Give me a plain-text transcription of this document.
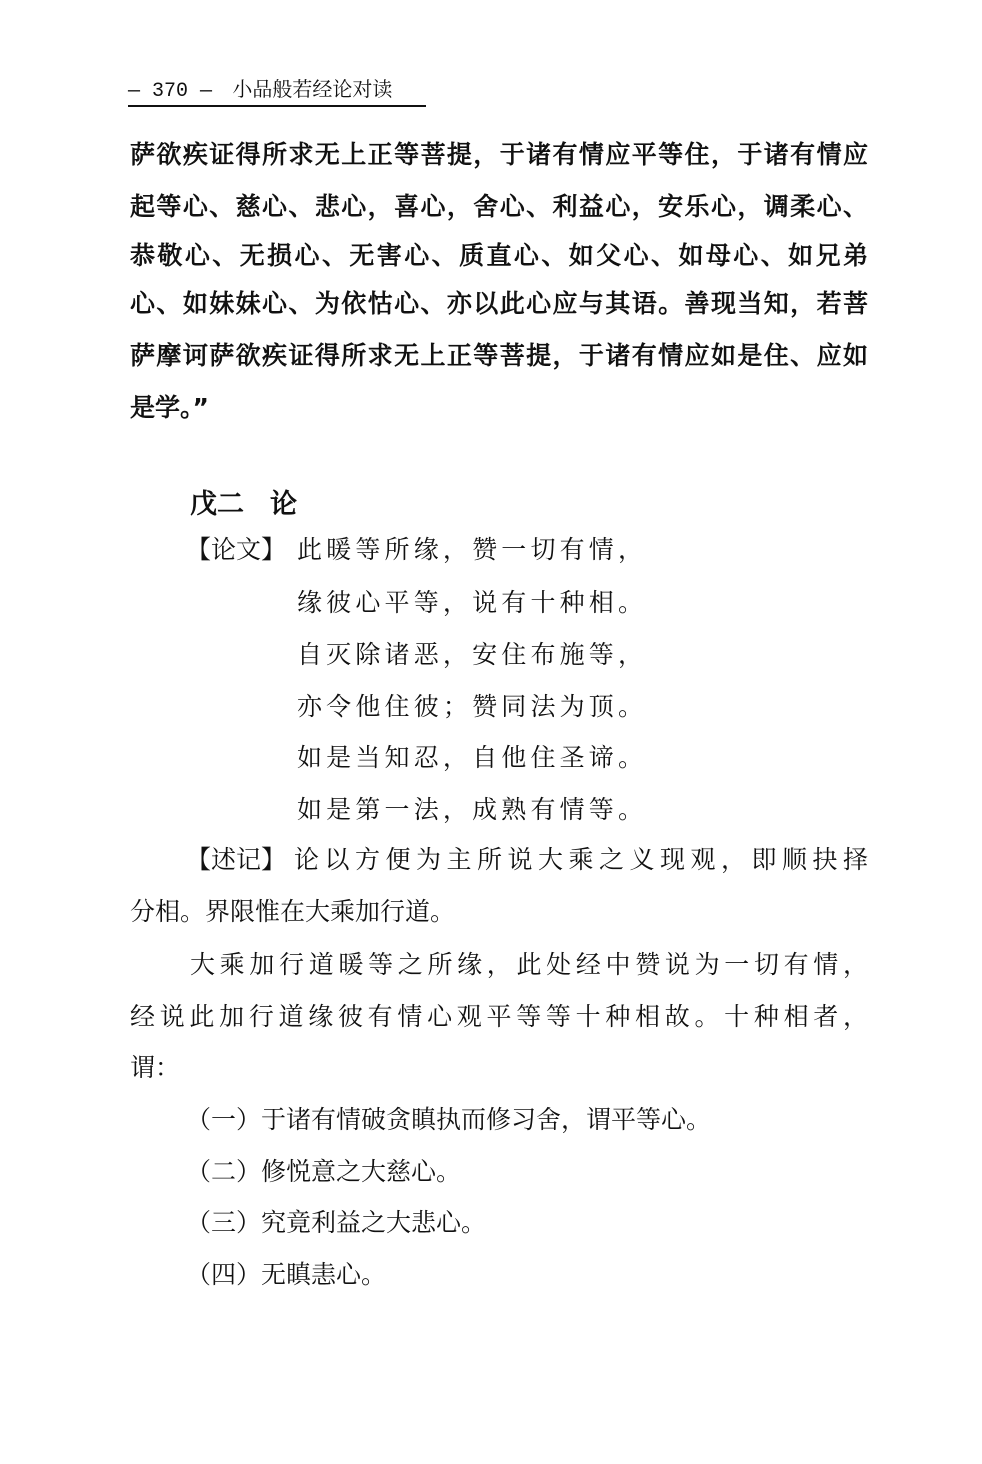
— 370 — 小品般若经论对读
萨欲疾证得所求无上正等菩提，于诸有情应平等住，于诸有情应
起等心、慈心、悲心，喜心，舍心、利益心，安乐心，调柔心、
恭敬心、无损心、无害心、质直心、如父心、如母心、如兄弟
心、如妹妹心、为依怙心、亦以此心应与其语。善现当知，若菩
萨摩诃萨欲疾证得所求无上正等菩提，于诸有情应如是住、应如
是学。”
戊二 论
【论文】 此暖等所缘，赞一切有情，
缘彼心平等，说有十种相。
自灭除诸恶，安住布施等，
亦令他住彼；赞同法为顶。
如是当知忍，自他住圣谛。
如是第一法，成熟有情等。
【述记】 论以方便为主所说大乘之义现观，即顺抉择
分相。界限惟在大乘加行道。
大乘加行道暖等之所缘，此处经中赞说为一切有情，
经说此加行道缘彼有情心观平等等十种相故。十种相者，
谓：
（一）于诸有情破贪瞋执而修习舍，谓平等心。
（二）修悦意之大慈心。
（三）究竟利益之大悲心。
（四）无瞋恚心。
